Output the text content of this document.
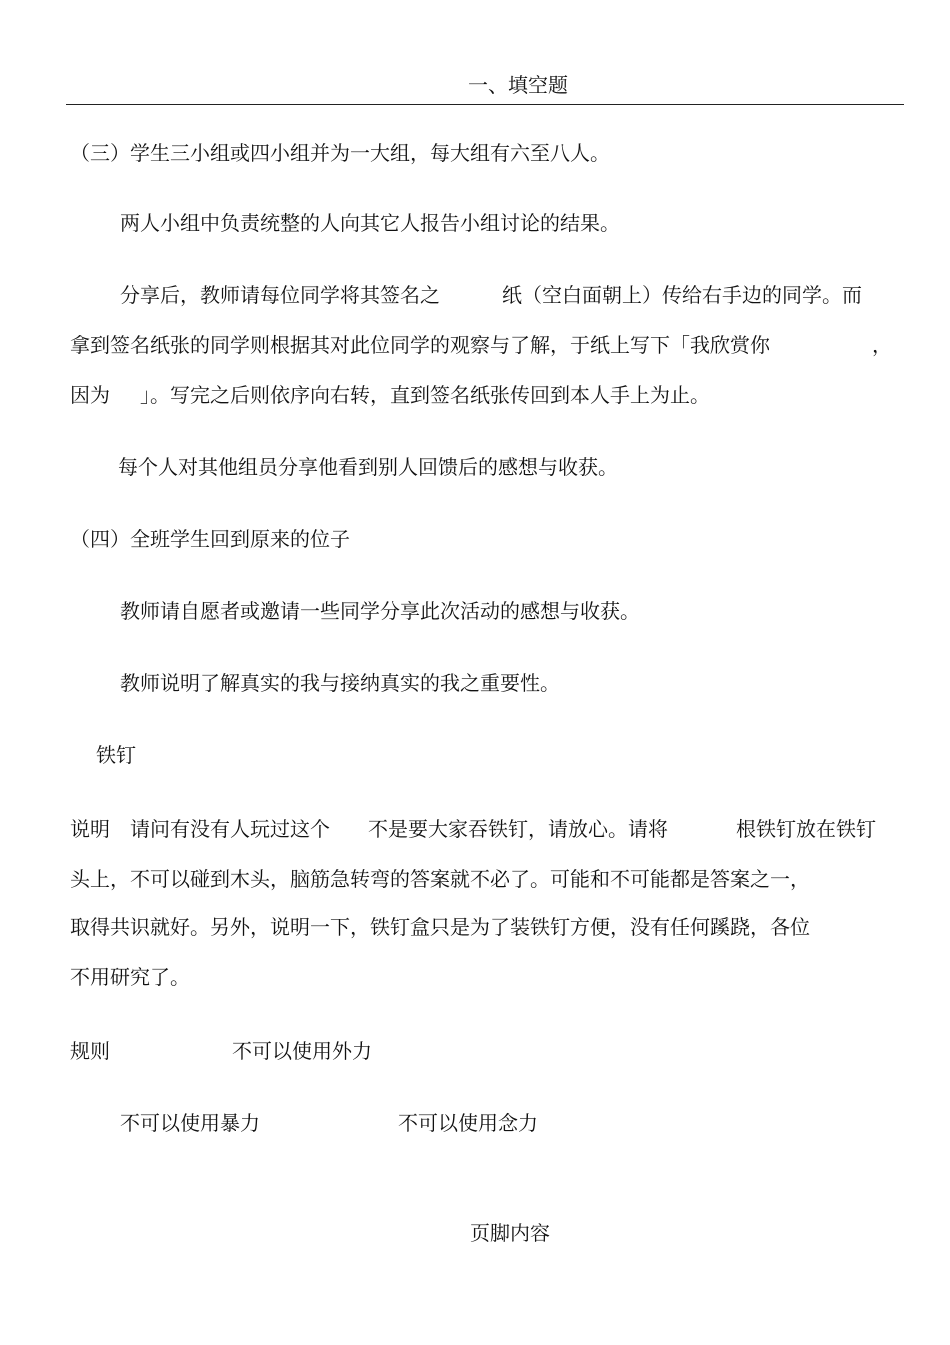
一、填空题
（三）学生三小组或四小组并为一大组，每大组有六至八人。
两人小组中负责统整的人向其它人报告小组讨论的结果。
分享后，教师请每位同学将其签名之	纸（空白面朝上）传给右手边的同学。而
拿到签名纸张的同学则根据其对此位同学的观察与了解，于纸上写下「我欣赏你	，
因为 」。写完之后则依序向右转，直到签名纸张传回到本人手上为止。
每个人对其他组员分享他看到别人回馈后的感想与收获。
（四）全班学生回到原来的位子
教师请自愿者或邀请一些同学分享此次活动的感想与收获。
教师说明了解真实的我与接纳真实的我之重要性。
铁钉
说明 请问有没有人玩过这个 不是要大家吞铁钉，请放心。请将	根铁钉放在铁钉
头上，不可以碰到木头，脑筋急转弯的答案就不必了。可能和不可能都是答案之一，
取得共识就好。另外，说明一下，铁钉盒只是为了装铁钉方便，没有任何蹊跷，各位
不用研究了。
规则	不可以使用外力
不可以使用暴力	不可以使用念力
页脚内容
